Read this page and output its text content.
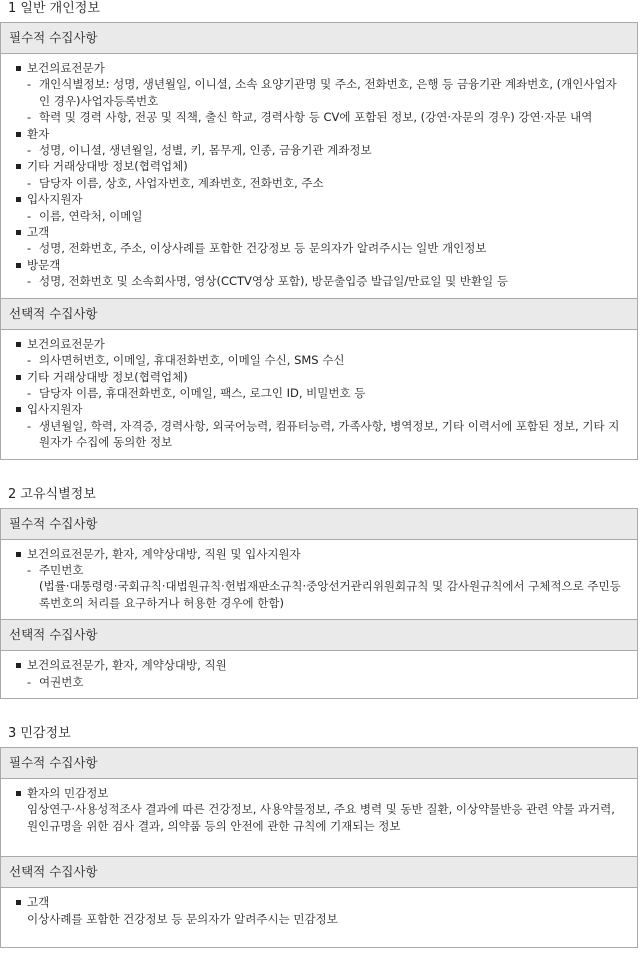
1 일반 개인정보
필수적 수집사항
보건의료전문가
- 개인식별정보: 성명, 생년월일, 이니셜, 소속 요양기관명 및 주소, 전화번호, 은행 등 금융기관 계좌번호, (개인사업자인 경우)사업자등록번호
- 학력 및 경력 사항, 전공 및 직책, 출신 학교, 경력사항 등 CV에 포함된 정보, (강연·자문의 경우) 강연·자문 내역
환자
- 성명, 이니셜, 생년월일, 성별, 키, 몸무게, 인종, 금융기관 계좌정보
기타 거래상대방 정보(협력업체)
- 담당자 이름, 상호, 사업자번호, 계좌번호, 전화번호, 주소
입사지원자
- 이름, 연락처, 이메일
고객
- 성명, 전화번호, 주소, 이상사례를 포함한 건강정보 등 문의자가 알려주시는 일반 개인정보
방문객
- 성명, 전화번호 및 소속회사명, 영상(CCTV영상 포함), 방문출입증 발급일/만료일 및 반환일 등
선택적 수집사항
보건의료전문가
- 의사면허번호, 이메일, 휴대전화번호, 이메일 수신, SMS 수신
기타 거래상대방 정보(협력업체)
- 담당자 이름, 휴대전화번호, 이메일, 팩스, 로그인 ID, 비밀번호 등
입사지원자
- 생년월일, 학력, 자격증, 경력사항, 외국어능력, 컴퓨터능력, 가족사항, 병역정보, 기타 이력서에 포함된 정보, 기타 지원자가 수집에 동의한 정보
2 고유식별정보
필수적 수집사항
보건의료전문가, 환자, 계약상대방, 직원 및 입사지원자
- 주민번호
(법률·대통령령·국회규칙·대법원규칙·헌법재판소규칙·중앙선거관리위원회규칙 및 감사원규칙에서 구체적으로 주민등록번호의 처리를 요구하거나 허용한 경우에 한함)
선택적 수집사항
보건의료전문가, 환자, 계약상대방, 직원
- 여권번호
3 민감정보
필수적 수집사항
환자의 민감정보
임상연구·사용성적조사 결과에 따른 건강정보, 사용약물정보, 주요 병력 및 동반 질환, 이상약물반응 관련 약물 과거력, 원인규명을 위한 검사 결과, 의약품 등의 안전에 관한 규칙에 기재되는 정보
선택적 수집사항
고객
이상사례를 포함한 건강정보 등 문의자가 알려주시는 민감정보
